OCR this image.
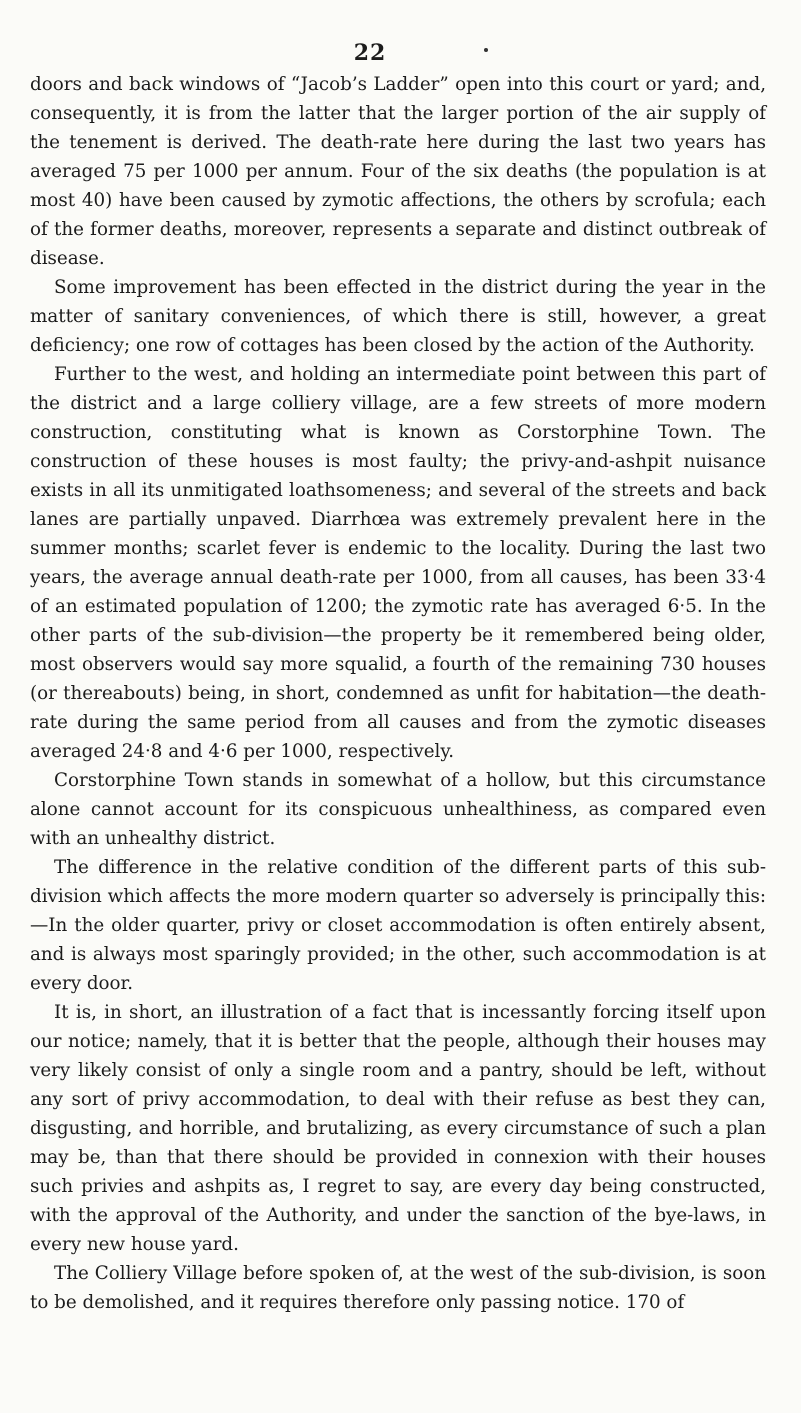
22

doors and back windows of “Jacob’s Ladder” open into this court or yard; and, consequently, it is from the latter that the larger portion of the air supply of the tenement is derived. The death-rate here during the last two years has averaged 75 per 1000 per annum. Four of the six deaths (the population is at most 40) have been caused by zymotic affections, the others by scrofula; each of the former deaths, moreover, represents a separate and distinct outbreak of disease.

Some improvement has been effected in the district during the year in the matter of sanitary conveniences, of which there is still, however, a great deficiency; one row of cottages has been closed by the action of the Authority.

Further to the west, and holding an intermediate point between this part of the district and a large colliery village, are a few streets of more modern construction, constituting what is known as Corstorphine Town. The construction of these houses is most faulty; the privy-and-ashpit nuisance exists in all its unmitigated loathsomeness; and several of the streets and back lanes are partially unpaved. Diarrhœa was extremely prevalent here in the summer months; scarlet fever is endemic to the locality. During the last two years, the average annual death-rate per 1000, from all causes, has been 33·4 of an estimated population of 1200; the zymotic rate has averaged 6·5. In the other parts of the sub-division—the property be it remembered being older, most observers would say more squalid, a fourth of the remaining 730 houses (or thereabouts) being, in short, condemned as unfit for habitation—the death-rate during the same period from all causes and from the zymotic diseases averaged 24·8 and 4·6 per 1000, respectively.

Corstorphine Town stands in somewhat of a hollow, but this circumstance alone cannot account for its conspicuous unhealthiness, as compared even with an unhealthy district.

The difference in the relative condition of the different parts of this sub-division which affects the more modern quarter so adversely is principally this:—In the older quarter, privy or closet accommodation is often entirely absent, and is always most sparingly provided; in the other, such accommodation is at every door.

It is, in short, an illustration of a fact that is incessantly forcing itself upon our notice; namely, that it is better that the people, although their houses may very likely consist of only a single room and a pantry, should be left, without any sort of privy accommodation, to deal with their refuse as best they can, disgusting, and horrible, and brutalizing, as every circumstance of such a plan may be, than that there should be provided in connexion with their houses such privies and ashpits as, I regret to say, are every day being constructed, with the approval of the Authority, and under the sanction of the bye-laws, in every new house yard.

The Colliery Village before spoken of, at the west of the sub-division, is soon to be demolished, and it requires therefore only passing notice. 170 of
